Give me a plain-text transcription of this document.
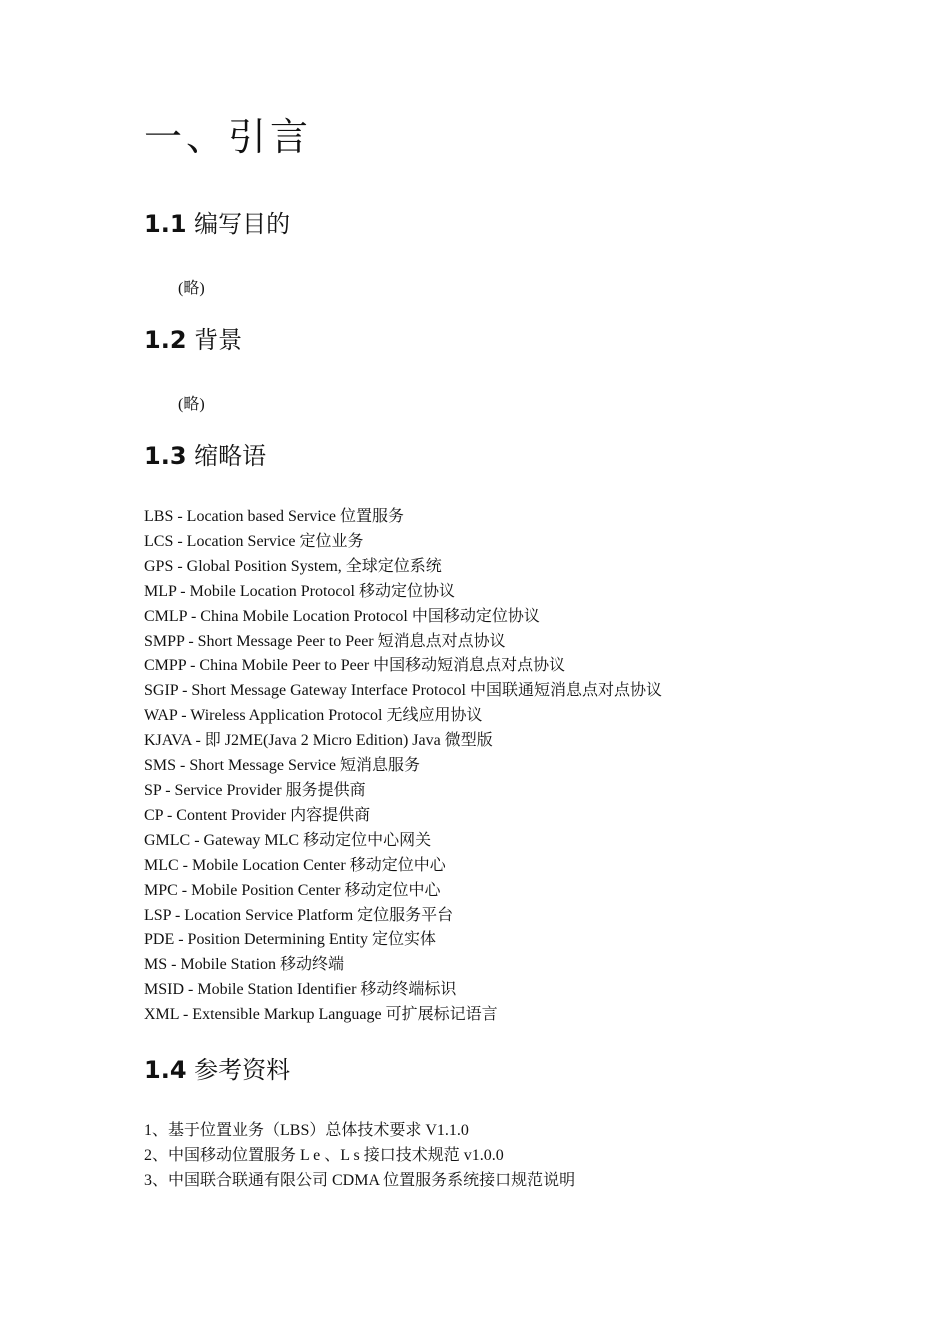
一、引言
1.1 编写目的
(略)
1.2 背景
(略)
1.3 缩略语
LBS - Location based Service 位置服务
LCS - Location Service 定位业务
GPS - Global Position System, 全球定位系统
MLP - Mobile Location Protocol 移动定位协议
CMLP - China Mobile Location Protocol 中国移动定位协议
SMPP - Short Message Peer to Peer 短消息点对点协议
CMPP - China Mobile Peer to Peer 中国移动短消息点对点协议
SGIP - Short Message Gateway Interface Protocol 中国联通短消息点对点协议
WAP - Wireless Application Protocol 无线应用协议
KJAVA - 即 J2ME(Java 2 Micro Edition) Java 微型版
SMS - Short Message Service 短消息服务
SP - Service Provider 服务提供商
CP - Content Provider 内容提供商
GMLC - Gateway MLC 移动定位中心网关
MLC - Mobile Location Center 移动定位中心
MPC - Mobile Position Center 移动定位中心
LSP - Location Service Platform 定位服务平台
PDE - Position Determining Entity 定位实体
MS - Mobile Station 移动终端
MSID - Mobile Station Identifier 移动终端标识
XML - Extensible Markup Language 可扩展标记语言
1.4 参考资料
1、基于位置业务（LBS）总体技术要求 V1.1.0
2、中国移动位置服务 L e 、L s 接口技术规范 v1.0.0
3、中国联合联通有限公司 CDMA 位置服务系统接口规范说明
